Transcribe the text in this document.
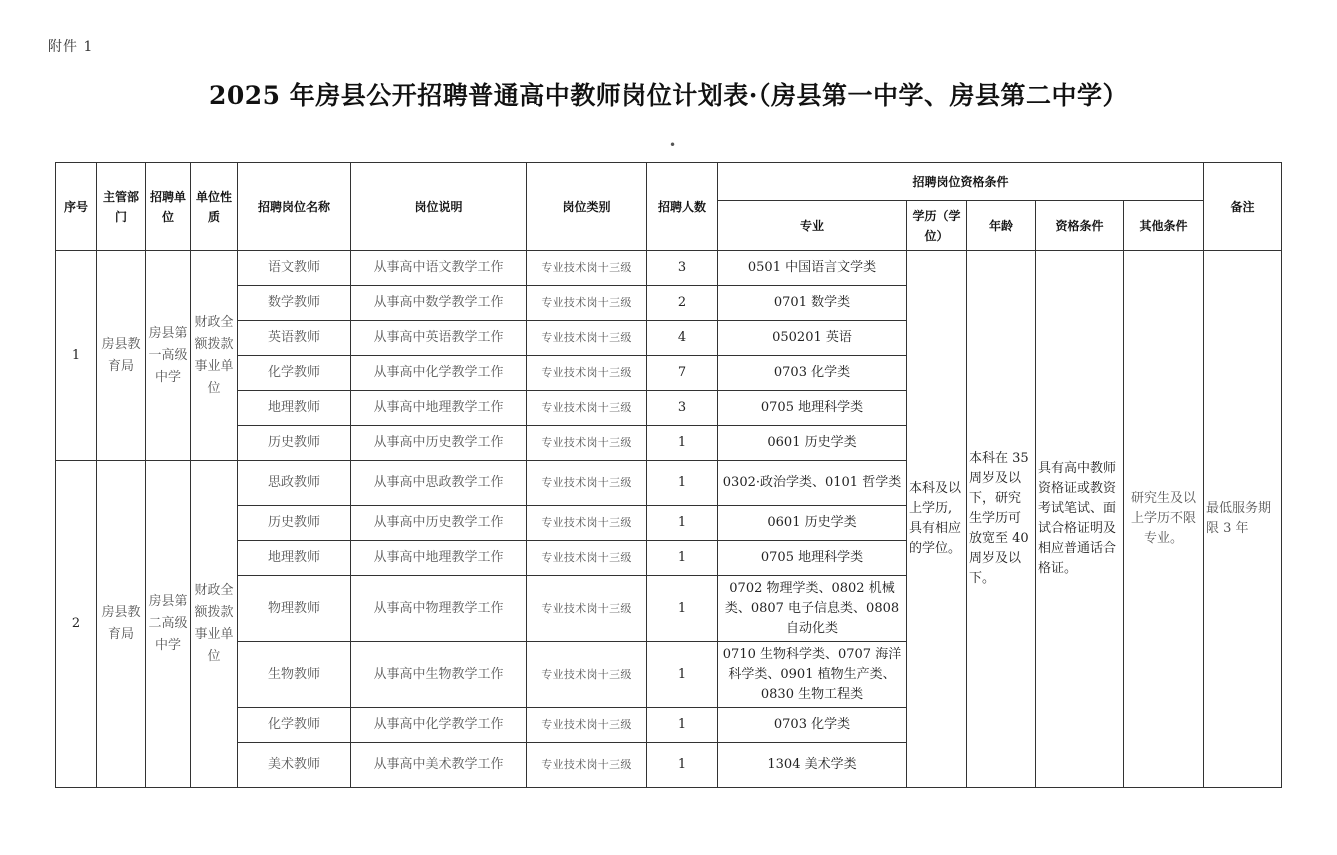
附件 1
2025 年房县公开招聘普通高中教师岗位计划表·（房县第一中学、房县第二中学）
•
序号	主管部门	招聘单位	单位性质	招聘岗位名称	岗位说明	岗位类别	招聘人数	招聘岗位资格条件					备注
								专业	学历（学位）	年龄	资格条件	其他条件	
1	房县教育局	房县第一高级中学	财政全额拨款事业单位	语文教师	从事高中语文教学工作	专业技术岗十三级	3	0501 中国语言文学类	本科及以上学历,具有相应的学位。	本科在 35 周岁及以下，研究生学历可放宽至 40 周岁及以下。	具有高中教师资格证或教资考试笔试、面试合格证明及相应普通话合格证。	研究生及以上学历不限专业。	最低服务期限 3 年
				数学教师	从事高中数学教学工作	专业技术岗十三级	2	0701 数学类					
				英语教师	从事高中英语教学工作	专业技术岗十三级	4	050201 英语					
				化学教师	从事高中化学教学工作	专业技术岗十三级	7	0703 化学类					
				地理教师	从事高中地理教学工作	专业技术岗十三级	3	0705 地理科学类					
				历史教师	从事高中历史教学工作	专业技术岗十三级	1	0601 历史学类					
2	房县教育局	房县第二高级中学	财政全额拨款事业单位	思政教师	从事高中思政教学工作	专业技术岗十三级	1	0302·政治学类、0101 哲学类					
				历史教师	从事高中历史教学工作	专业技术岗十三级	1	0601 历史学类					
				地理教师	从事高中地理教学工作	专业技术岗十三级	1	0705 地理科学类					
				物理教师	从事高中物理教学工作	专业技术岗十三级	1	0702 物理学类、0802 机械类、0807 电子信息类、0808 自动化类					
				生物教师	从事高中生物教学工作	专业技术岗十三级	1	0710 生物科学类、0707 海洋科学类、0901 植物生产类、0830 生物工程类					
				化学教师	从事高中化学教学工作	专业技术岗十三级	1	0703 化学类					
				美术教师	从事高中美术教学工作	专业技术岗十三级	1	1304 美术学类					
